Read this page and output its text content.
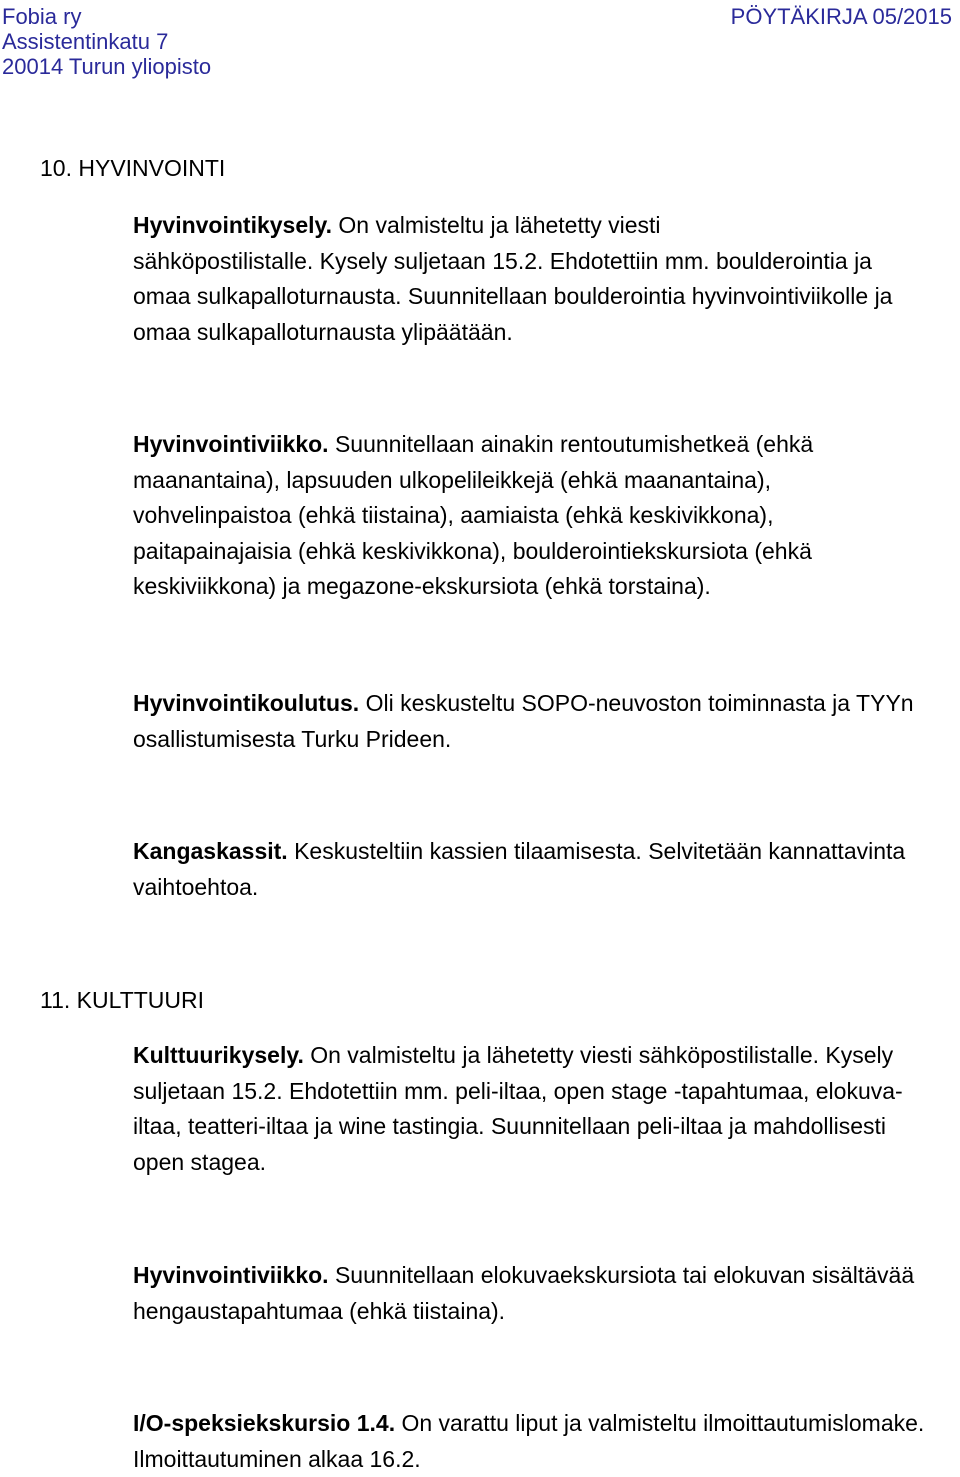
Fobia ry
Assistentinkatu 7
20014 Turun yliopisto
PÖYTÄKIRJA 05/2015
10. HYVINVOINTI
Hyvinvointikysely. On valmisteltu ja lähetetty viesti
sähköpostilistalle. Kysely suljetaan 15.2. Ehdotettiin mm. boulderointia ja
omaa sulkapalloturnausta. Suunnitellaan boulderointia hyvinvointiviikolle ja
omaa sulkapalloturnausta ylipäätään.
Hyvinvointiviikko. Suunnitellaan ainakin rentoutumishetkeä (ehkä
maanantaina), lapsuuden ulkopelileikkejä (ehkä maanantaina),
vohvelinpaistoa (ehkä tiistaina), aamiaista (ehkä keskivikkona),
paitapainajaisia (ehkä keskivikkona), boulderointiekskursiota (ehkä
keskiviikkona) ja megazone-ekskursiota (ehkä torstaina).
Hyvinvointikoulutus. Oli keskusteltu SOPO-neuvoston toiminnasta ja TYYn
osallistumisesta Turku Prideen.
Kangaskassit. Keskusteltiin kassien tilaamisesta. Selvitetään kannattavinta
vaihtoehtoa.
11. KULTTUURI
Kulttuurikysely. On valmisteltu ja lähetetty viesti sähköpostilistalle. Kysely
suljetaan 15.2. Ehdotettiin mm. peli-iltaa, open stage -tapahtumaa, elokuva-
iltaa, teatteri-iltaa ja wine tastingia. Suunnitellaan peli-iltaa ja mahdollisesti
open stagea.
Hyvinvointiviikko. Suunnitellaan elokuvaekskursiota tai elokuvan sisältävää
hengaustapahtumaa (ehkä tiistaina).
I/O-speksiekskursio 1.4. On varattu liput ja valmisteltu ilmoittautumislomake.
Ilmoittautuminen alkaa 16.2.
